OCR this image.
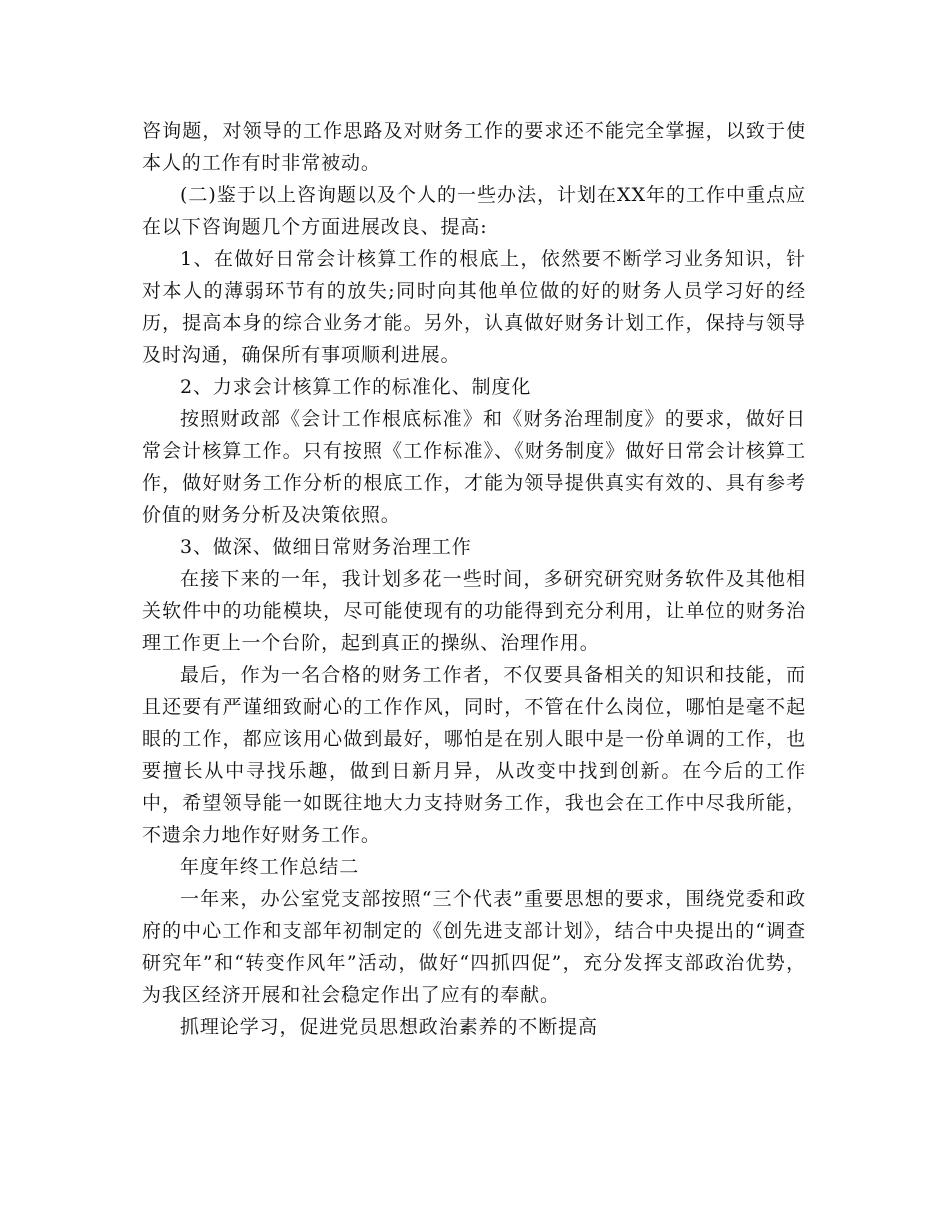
咨询题，对领导的工作思路及对财务工作的要求还不能完全掌握，以致于使本人的工作有时非常被动。

(二)鉴于以上咨询题以及个人的一些办法，计划在XX年的工作中重点应在以下咨询题几个方面进展改良、提高:

1、在做好日常会计核算工作的根底上，依然要不断学习业务知识，针对本人的薄弱环节有的放失;同时向其他单位做的好的财务人员学习好的经历，提高本身的综合业务才能。另外，认真做好财务计划工作，保持与领导及时沟通，确保所有事项顺利进展。

2、力求会计核算工作的标准化、制度化

按照财政部《会计工作根底标准》和《财务治理制度》的要求，做好日常会计核算工作。只有按照《工作标准》、《财务制度》做好日常会计核算工作，做好财务工作分析的根底工作，才能为领导提供真实有效的、具有参考价值的财务分析及决策依照。

3、做深、做细日常财务治理工作

在接下来的一年，我计划多花一些时间，多研究研究财务软件及其他相关软件中的功能模块，尽可能使现有的功能得到充分利用，让单位的财务治理工作更上一个台阶，起到真正的操纵、治理作用。

最后，作为一名合格的财务工作者，不仅要具备相关的知识和技能，而且还要有严谨细致耐心的工作作风，同时，不管在什么岗位，哪怕是毫不起眼的工作，都应该用心做到最好，哪怕是在别人眼中是一份单调的工作，也要擅长从中寻找乐趣，做到日新月异，从改变中找到创新。在今后的工作中，希望领导能一如既往地大力支持财务工作，我也会在工作中尽我所能，不遗余力地作好财务工作。

年度年终工作总结二

一年来，办公室党支部按照“三个代表”重要思想的要求，围绕党委和政府的中心工作和支部年初制定的《创先进支部计划》，结合中央提出的“调查研究年”和“转变作风年”活动，做好“四抓四促”，充分发挥支部政治优势，为我区经济开展和社会稳定作出了应有的奉献。

抓理论学习，促进党员思想政治素养的不断提高
